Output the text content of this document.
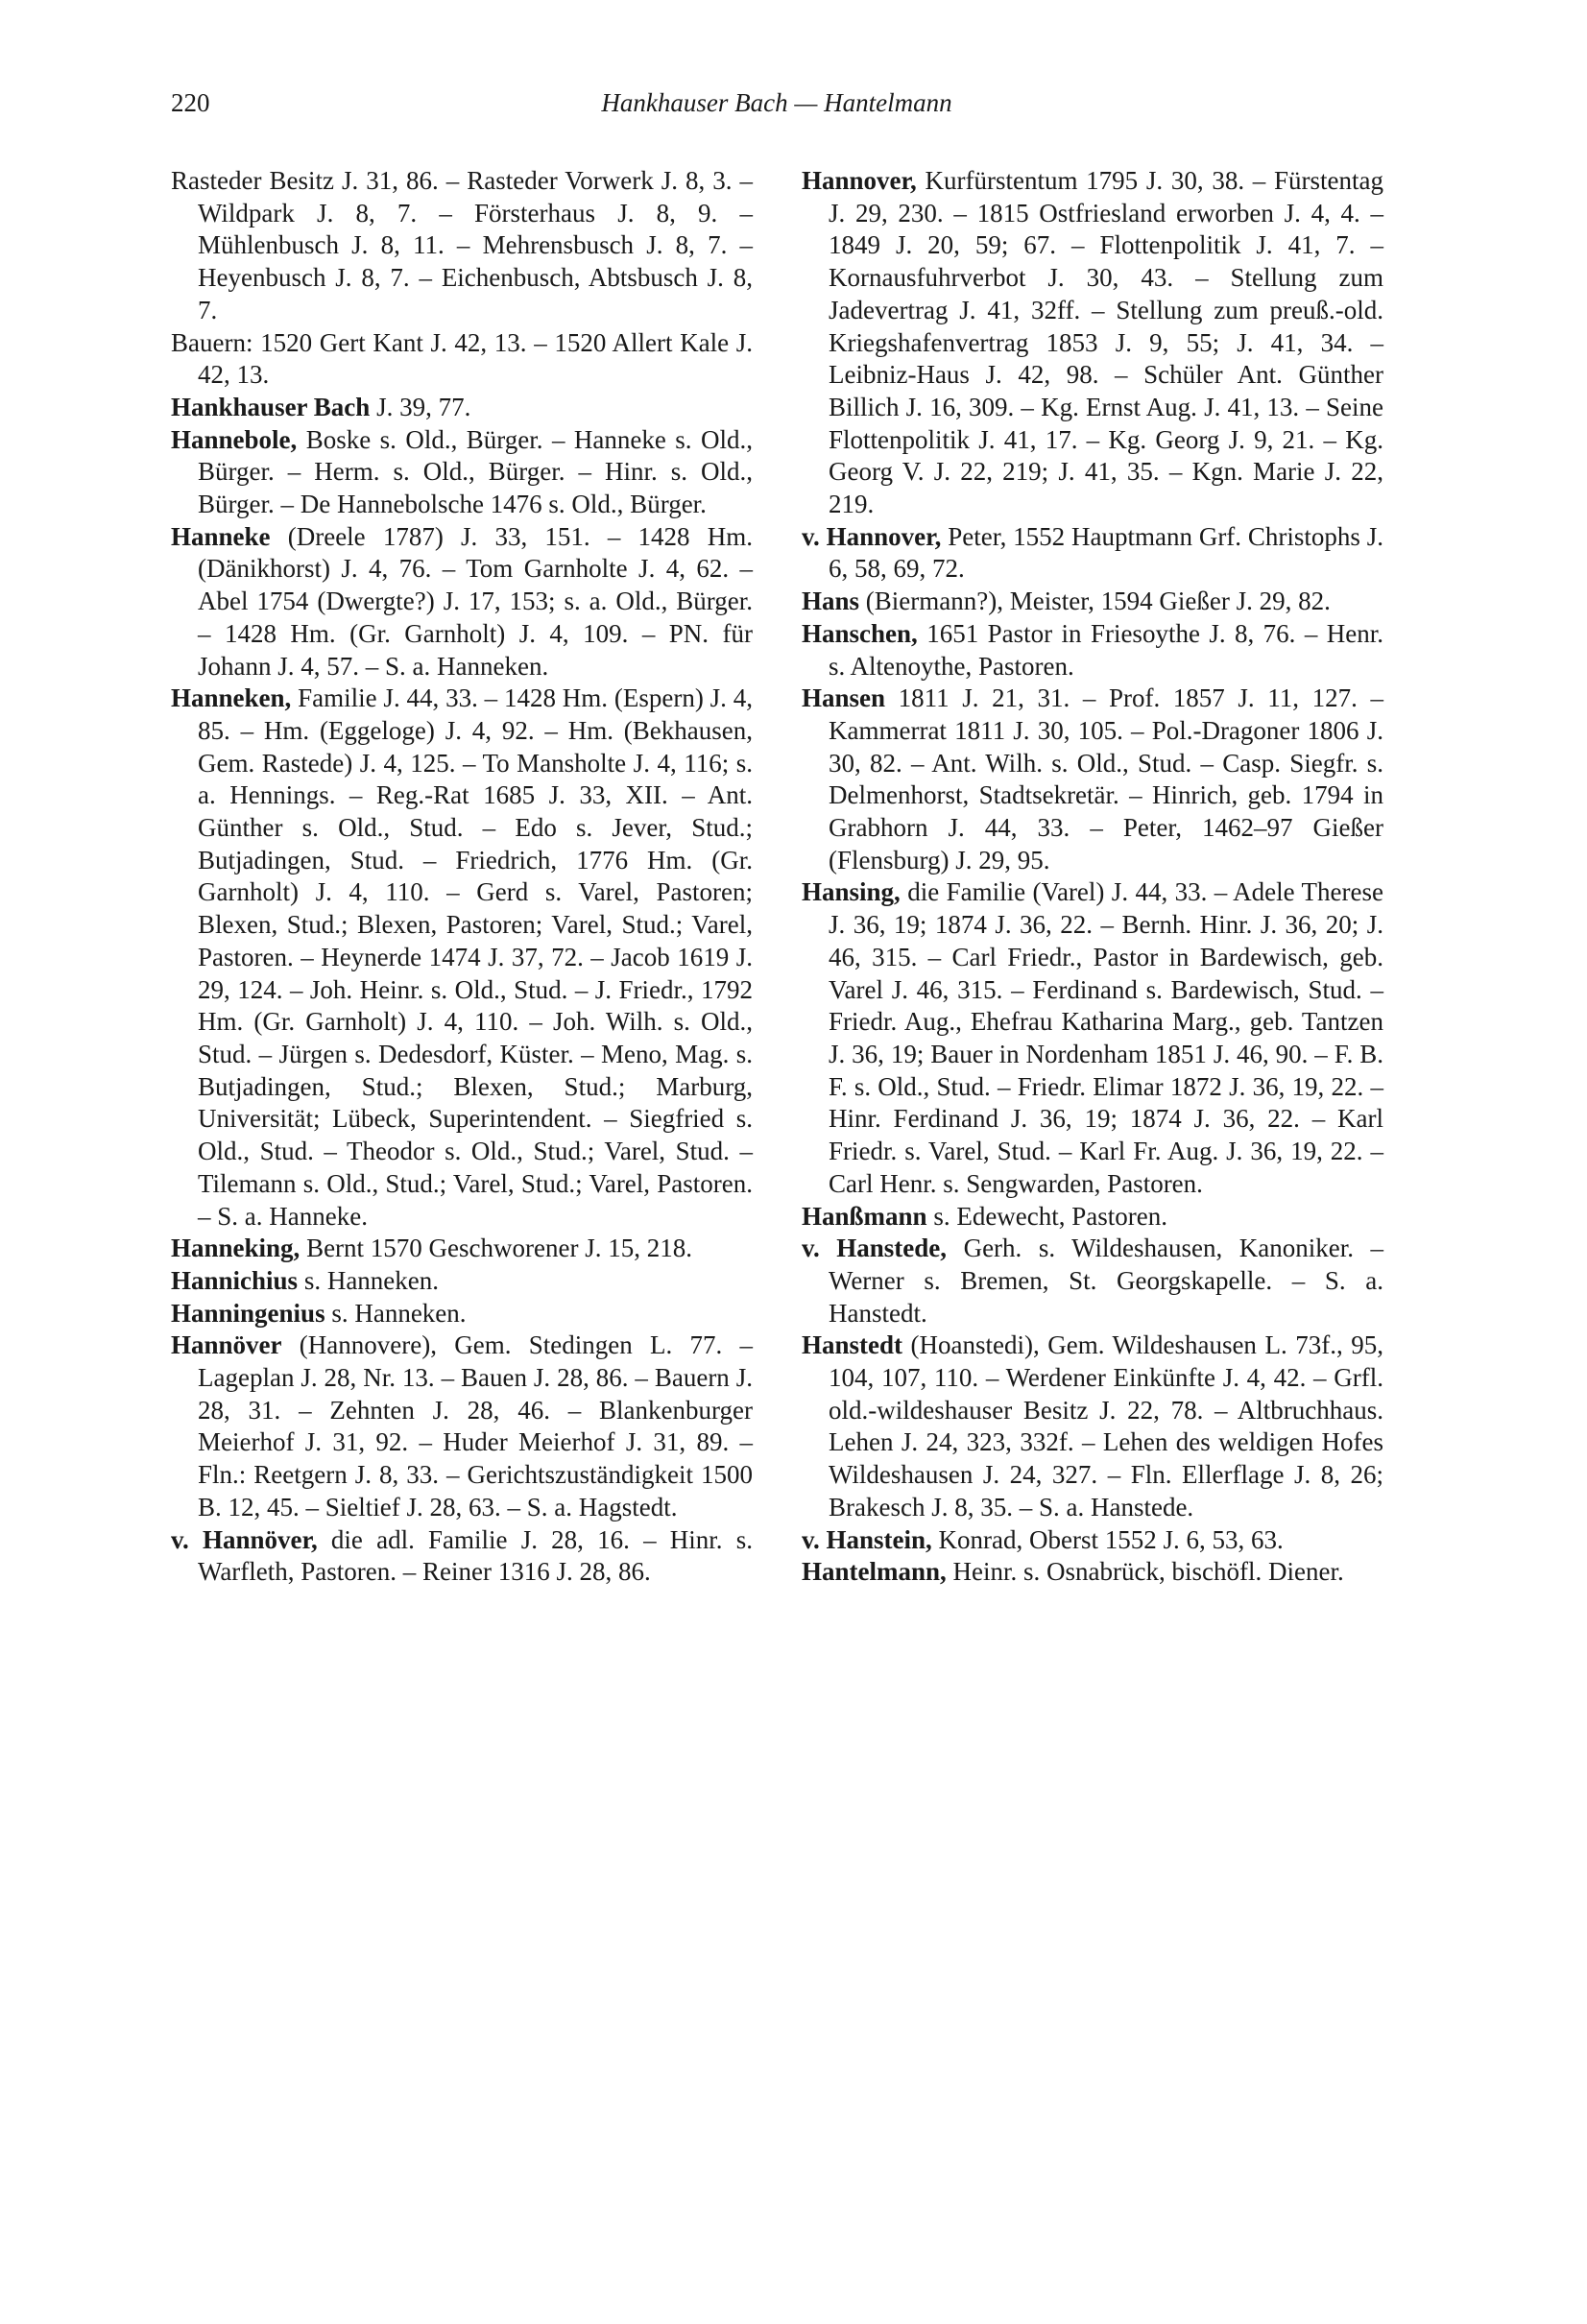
220	Hankhauser Bach — Hantelmann

Rasteder Besitz J. 31, 86. – Rasteder Vorwerk J. 8, 3. – Wildpark J. 8, 7. – Försterhaus J. 8, 9. – Mühlenbusch J. 8, 11. – Mehrensbusch J. 8, 7. – Heyenbusch J. 8, 7. – Eichenbusch, Abtsbusch J. 8, 7.

Bauern: 1520 Gert Kant J. 42, 13. – 1520 Allert Kale J. 42, 13.

Hankhauser Bach J. 39, 77.

Hannebole, Boske s. Old., Bürger. – Hanneke s. Old., Bürger. – Herm. s. Old., Bürger. – Hinr. s. Old., Bürger. – De Hannebolsche 1476 s. Old., Bürger.

Hanneke (Dreele 1787) J. 33, 151. – 1428 Hm. (Dänikhorst) J. 4, 76. – Tom Garnholte J. 4, 62. – Abel 1754 (Dwergte?) J. 17, 153; s. a. Old., Bürger. – 1428 Hm. (Gr. Garnholt) J. 4, 109. – PN. für Johann J. 4, 57. – S. a. Hanneken.

Hanneken, Familie J. 44, 33. – 1428 Hm. (Espern) J. 4, 85. – Hm. (Eggeloge) J. 4, 92. – Hm. (Bekhausen, Gem. Rastede) J. 4, 125. – To Mansholte J. 4, 116; s. a. Hennings. – Reg.-Rat 1685 J. 33, XII. – Ant. Günther s. Old., Stud. – Edo s. Jever, Stud.; Butjadingen, Stud. – Friedrich, 1776 Hm. (Gr. Garnholt) J. 4, 110. – Gerd s. Varel, Pastoren; Blexen, Stud.; Blexen, Pastoren; Varel, Stud.; Varel, Pastoren. – Heynerde 1474 J. 37, 72. – Jacob 1619 J. 29, 124. – Joh. Heinr. s. Old., Stud. – J. Friedr., 1792 Hm. (Gr. Garnholt) J. 4, 110. – Joh. Wilh. s. Old., Stud. – Jürgen s. Dedesdorf, Küster. – Meno, Mag. s. Butjadingen, Stud.; Blexen, Stud.; Marburg, Universität; Lübeck, Superintendent. – Siegfried s. Old., Stud. – Theodor s. Old., Stud.; Varel, Stud. – Tilemann s. Old., Stud.; Varel, Stud.; Varel, Pastoren. – S. a. Hanneke.

Hanneking, Bernt 1570 Geschworener J. 15, 218.

Hannichius s. Hanneken.

Hanningenius s. Hanneken.

Hannöver (Hannovere), Gem. Stedingen L. 77. – Lageplan J. 28, Nr. 13. – Bauen J. 28, 86. – Bauern J. 28, 31. – Zehnten J. 28, 46. – Blankenburger Meierhof J. 31, 92. – Huder Meierhof J. 31, 89. – Fln.: Reetgern J. 8, 33. – Gerichtszuständigkeit 1500 B. 12, 45. – Sieltief J. 28, 63. – S. a. Hagstedt.

v. Hannöver, die adl. Familie J. 28, 16. – Hinr. s. Warfleth, Pastoren. – Reiner 1316 J. 28, 86.

Hannover, Kurfürstentum 1795 J. 30, 38. – Fürstentag J. 29, 230. – 1815 Ostfriesland erworben J. 4, 4. – 1849 J. 20, 59; 67. – Flottenpolitik J. 41, 7. – Kornausfuhrverbot J. 30, 43. – Stellung zum Jadevertrag J. 41, 32ff. – Stellung zum preuß.-old. Kriegshafenvertrag 1853 J. 9, 55; J. 41, 34. – Leibniz-Haus J. 42, 98. – Schüler Ant. Günther Billich J. 16, 309. – Kg. Ernst Aug. J. 41, 13. – Seine Flottenpolitik J. 41, 17. – Kg. Georg J. 9, 21. – Kg. Georg V. J. 22, 219; J. 41, 35. – Kgn. Marie J. 22, 219.

v. Hannover, Peter, 1552 Hauptmann Grf. Christophs J. 6, 58, 69, 72.

Hans (Biermann?), Meister, 1594 Gießer J. 29, 82.

Hanschen, 1651 Pastor in Friesoythe J. 8, 76. – Henr. s. Altenoythe, Pastoren.

Hansen 1811 J. 21, 31. – Prof. 1857 J. 11, 127. – Kammerrat 1811 J. 30, 105. – Pol.-Dragoner 1806 J. 30, 82. – Ant. Wilh. s. Old., Stud. – Casp. Siegfr. s. Delmenhorst, Stadtsekretär. – Hinrich, geb. 1794 in Grabhorn J. 44, 33. – Peter, 1462–97 Gießer (Flensburg) J. 29, 95.

Hansing, die Familie (Varel) J. 44, 33. – Adele Therese J. 36, 19; 1874 J. 36, 22. – Bernh. Hinr. J. 36, 20; J. 46, 315. – Carl Friedr., Pastor in Bardewisch, geb. Varel J. 46, 315. – Ferdinand s. Bardewisch, Stud. – Friedr. Aug., Ehefrau Katharina Marg., geb. Tantzen J. 36, 19; Bauer in Nordenham 1851 J. 46, 90. – F. B. F. s. Old., Stud. – Friedr. Elimar 1872 J. 36, 19, 22. – Hinr. Ferdinand J. 36, 19; 1874 J. 36, 22. – Karl Friedr. s. Varel, Stud. – Karl Fr. Aug. J. 36, 19, 22. – Carl Henr. s. Sengwarden, Pastoren.

Hanßmann s. Edewecht, Pastoren.

v. Hanstede, Gerh. s. Wildeshausen, Kanoniker. – Werner s. Bremen, St. Georgskapelle. – S. a. Hanstedt.

Hanstedt (Hoanstedi), Gem. Wildeshausen L. 73f., 95, 104, 107, 110. – Werdener Einkünfte J. 4, 42. – Grfl. old.-wildeshauser Besitz J. 22, 78. – Altbruchhaus. Lehen J. 24, 323, 332f. – Lehen des weldigen Hofes Wildeshausen J. 24, 327. – Fln. Ellerflage J. 8, 26; Brakesch J. 8, 35. – S. a. Hanstede.

v. Hanstein, Konrad, Oberst 1552 J. 6, 53, 63.

Hantelmann, Heinr. s. Osnabrück, bischöfl. Diener.
